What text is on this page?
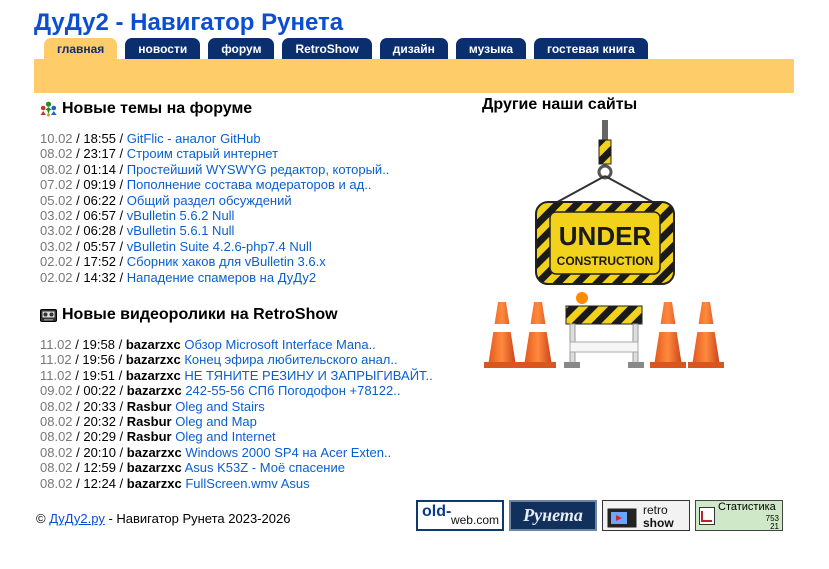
ДуДу2 - Навигатор Рунета
главная	новости	форум	RetroShow	дизайн	музыка	гостевая книга
Новые темы на форуме
10.02 / 18:55 / GitFlic - аналог GitHub
08.02 / 23:17 / Строим старый интернет
08.02 / 01:14 / Простейший WYSWYG редактор, который..
07.02 / 09:19 / Пополнение состава модераторов и ад..
05.02 / 06:22 / Общий раздел обсуждений
03.02 / 06:57 / vBulletin 5.6.2 Null
03.02 / 06:28 / vBulletin 5.6.1 Null
03.02 / 05:57 / vBulletin Suite 4.2.6-php7.4 Null
02.02 / 17:52 / Сборник хаков для vBulletin 3.6.x
02.02 / 14:32 / Нападение спамеров на ДуДу2
Новые видеоролики на RetroShow
11.02 / 19:58 / bazarzxc Обзор Microsoft Interface Mana..
11.02 / 19:56 / bazarzxc Конец эфира любительского анал..
11.02 / 19:51 / bazarzxc НЕ ТЯНИТЕ РЕЗИНУ И ЗАПРЫГИВАЙТ..
09.02 / 00:22 / bazarzxc 242-55-56 СПб Погодофон +78122..
08.02 / 20:33 / Rasbur Oleg and Stairs
08.02 / 20:32 / Rasbur Oleg and Map
08.02 / 20:29 / Rasbur Oleg and Internet
08.02 / 20:10 / bazarzxc Windows 2000 SP4 на Acer Exten..
08.02 / 12:59 / bazarzxc Asus K53Z - Моё спасение
08.02 / 12:24 / bazarzxc FullScreen.wmv Asus
Другие наши сайты
UNDER
CONSTRUCTION
© ДуДу2.ру - Навигатор Рунета 2023-2026	old- web.com	Рунета	retro
show
Статистика
753
21
